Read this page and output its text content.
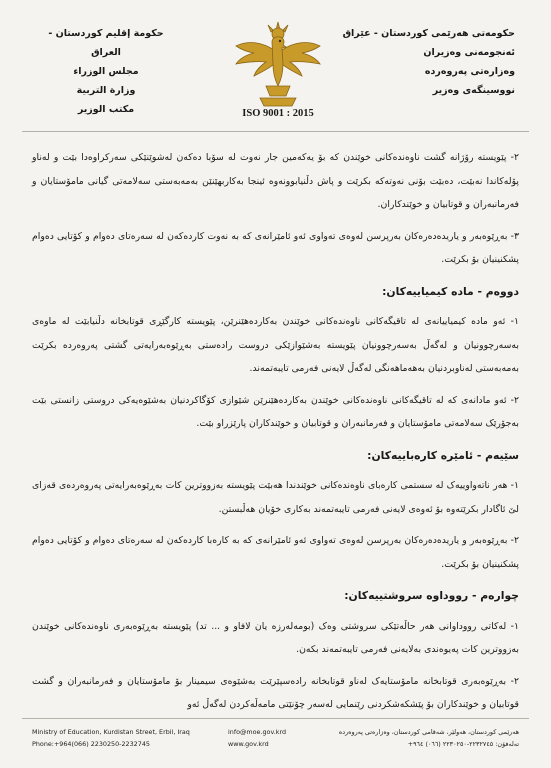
حکومەتی هەرێمی کوردستان - عێراق
ئەنجومەنی وەزیران
وەزارەتی پەروەردە
نووسینگەی وەزیر
ISO 9001 : 2015
حكومة إقليم كوردستان - العراق
مجلس الوزراء
وزارة التربية
مكتب الوزير

٢- پێویستە رۆژانە گشت ناوەندەکانی خوێندن کە بۆ یەکەمین جار نەوت لە سۆبا دەکەن لەشوێنێکی سەرکراوەدا بێت و لەناو پۆلەکاندا نەبێت، دەبێت بۆنی نەوتەکە بکرێت و پاش دڵنیابوونەوە ئینجا بەکاربهێنێن بەمەبەستی سەلامەتی گیانی مامۆستایان و فەرمانبەران و قوتابیان و خوێندکاران.

٣- بەڕێوەبەر و یاریدەدەرەکان بەرپرسن لەوەی تەواوی ئەو ئامێرانەی کە بە نەوت کاردەکەن لە سەرەتای دەوام و کۆتایی دەوام پشکنینیان بۆ بکرێت.

دووەم - مادە کیمیاییەکان:

١- ئەو مادە کیمیاییانەی لە تاقیگەکانی ناوەندەکانی خوێندن بەکاردەهێنرێن، پێویستە کارگێڕی قوتابخانە دڵنیابێت لە ماوەی بەسەرچوونیان و لەگەڵ بەسەرچوونیان پێویستە بەشێوازێکی دروست رادەستی بەڕێوەبەرایەتی گشتی پەروەردە بکرێت بەمەبەستی لەناوبردنیان بەهەماهەنگی لەگەڵ لایەنی فەرمی تایبەتمەند.

٢- ئەو مادانەی کە لە تاقیگەکانی ناوەندەکانی خوێندن بەکاردەهێنرێن شێوازی کۆگاکردنیان بەشێوەیەکی دروستی زانستی بێت بەجۆرێک سەلامەتی مامۆستایان و فەرمانبەران و قوتابیان و خوێندکاران پارێزراو بێت.

سێیەم - ئامێرە کارەباییەکان:

١- هەر ناتەواوییەک لە سستمی کارەبای ناوەندەکانی خوێندندا هەبێت پێویستە بەزووترین کات بەڕێوەبەرایەتی پەروەردەی قەزای لێ ئاگادار بکرێتەوە بۆ ئەوەی لایەنی فەرمی تایبەتمەند بەکاری خۆیان هەڵبستن.

٢- بەڕێوەبەر و یاریدەدەرەکان بەرپرسن لەوەی تەواوی ئەو ئامێرانەی کە بە کارەبا کاردەکەن لە سەرەتای دەوام و کۆتایی دەوام پشکنینیان بۆ بکرێت.

چوارەم - رووداوە سروشتییەکان:

١- لەکاتی رووداوانی هەر حاڵەتێکی سروشتی وەک (بومەلەرزە یان لافاو و ... تد) پێویستە بەڕێوەبەری ناوەندەکانی خوێندن بەزووترین کات پەیوەندی بەلایەنی فەرمی تایبەتمەند بکەن.

٢- بەڕێوەبەری قوتابخانە مامۆستایەک لەناو قوتابخانە رادەسپێرێت بەشێوەی سیمینار بۆ مامۆستایان و فەرمانبەران و گشت قوتابیان و خوێندکاران بۆ پێشکەشکردنی رێنمایی لەسەر چۆنێتی مامەڵەکردن لەگەڵ ئەو

Ministry of Education, Kurdistan Street, Erbil, Iraq
Phone:+964(066) 2230250-2232745
info@moe.gov.krd
www.gov.krd
هەرێمی کوردستان، هەولێر، شەقامی کوردستان، وەزارەتی پەروەردە
تەلەفۆن: ٢٢٣٢٧٤٥-٢٢٣٠٢٥٠ (٠٦٦) ٩٦٤+
